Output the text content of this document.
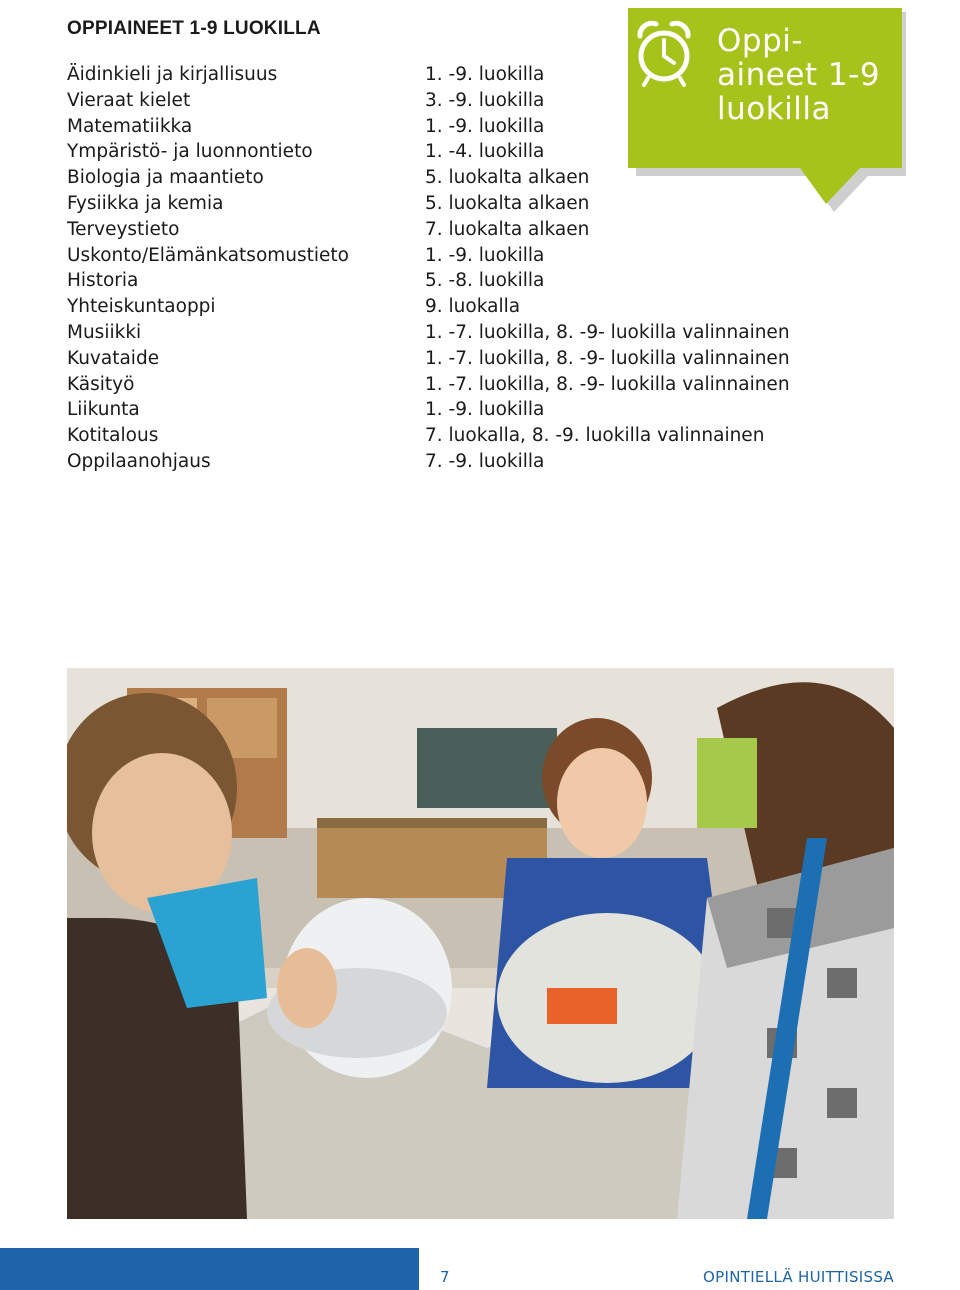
OPPIAINEET 1-9 LUOKILLA
Äidinkieli ja kirjallisuus	1. -9. luokilla
Vieraat kielet	3. -9. luokilla
Matematiikka	1. -9. luokilla
Ympäristö- ja luonnontieto	1. -4. luokilla
Biologia ja maantieto	5. luokalta alkaen
Fysiikka ja kemia	5. luokalta alkaen
Terveystieto	7. luokalta alkaen
Uskonto/Elämänkatsomustieto	1. -9. luokilla
Historia	5. -8. luokilla
Yhteiskuntaoppi	9. luokalla
Musiikki	1. -7. luokilla, 8. -9- luokilla valinnainen
Kuvataide	1. -7. luokilla, 8. -9- luokilla valinnainen
Käsityö	1. -7. luokilla, 8. -9- luokilla valinnainen
Liikunta	1. -9. luokilla
Kotitalous	7. luokalla, 8. -9. luokilla valinnainen
Oppilaanohjaus	7. -9. luokilla
Oppi-
aineet 1-9
luokilla
7	OPINTIELLÄ HUITTISISSA
